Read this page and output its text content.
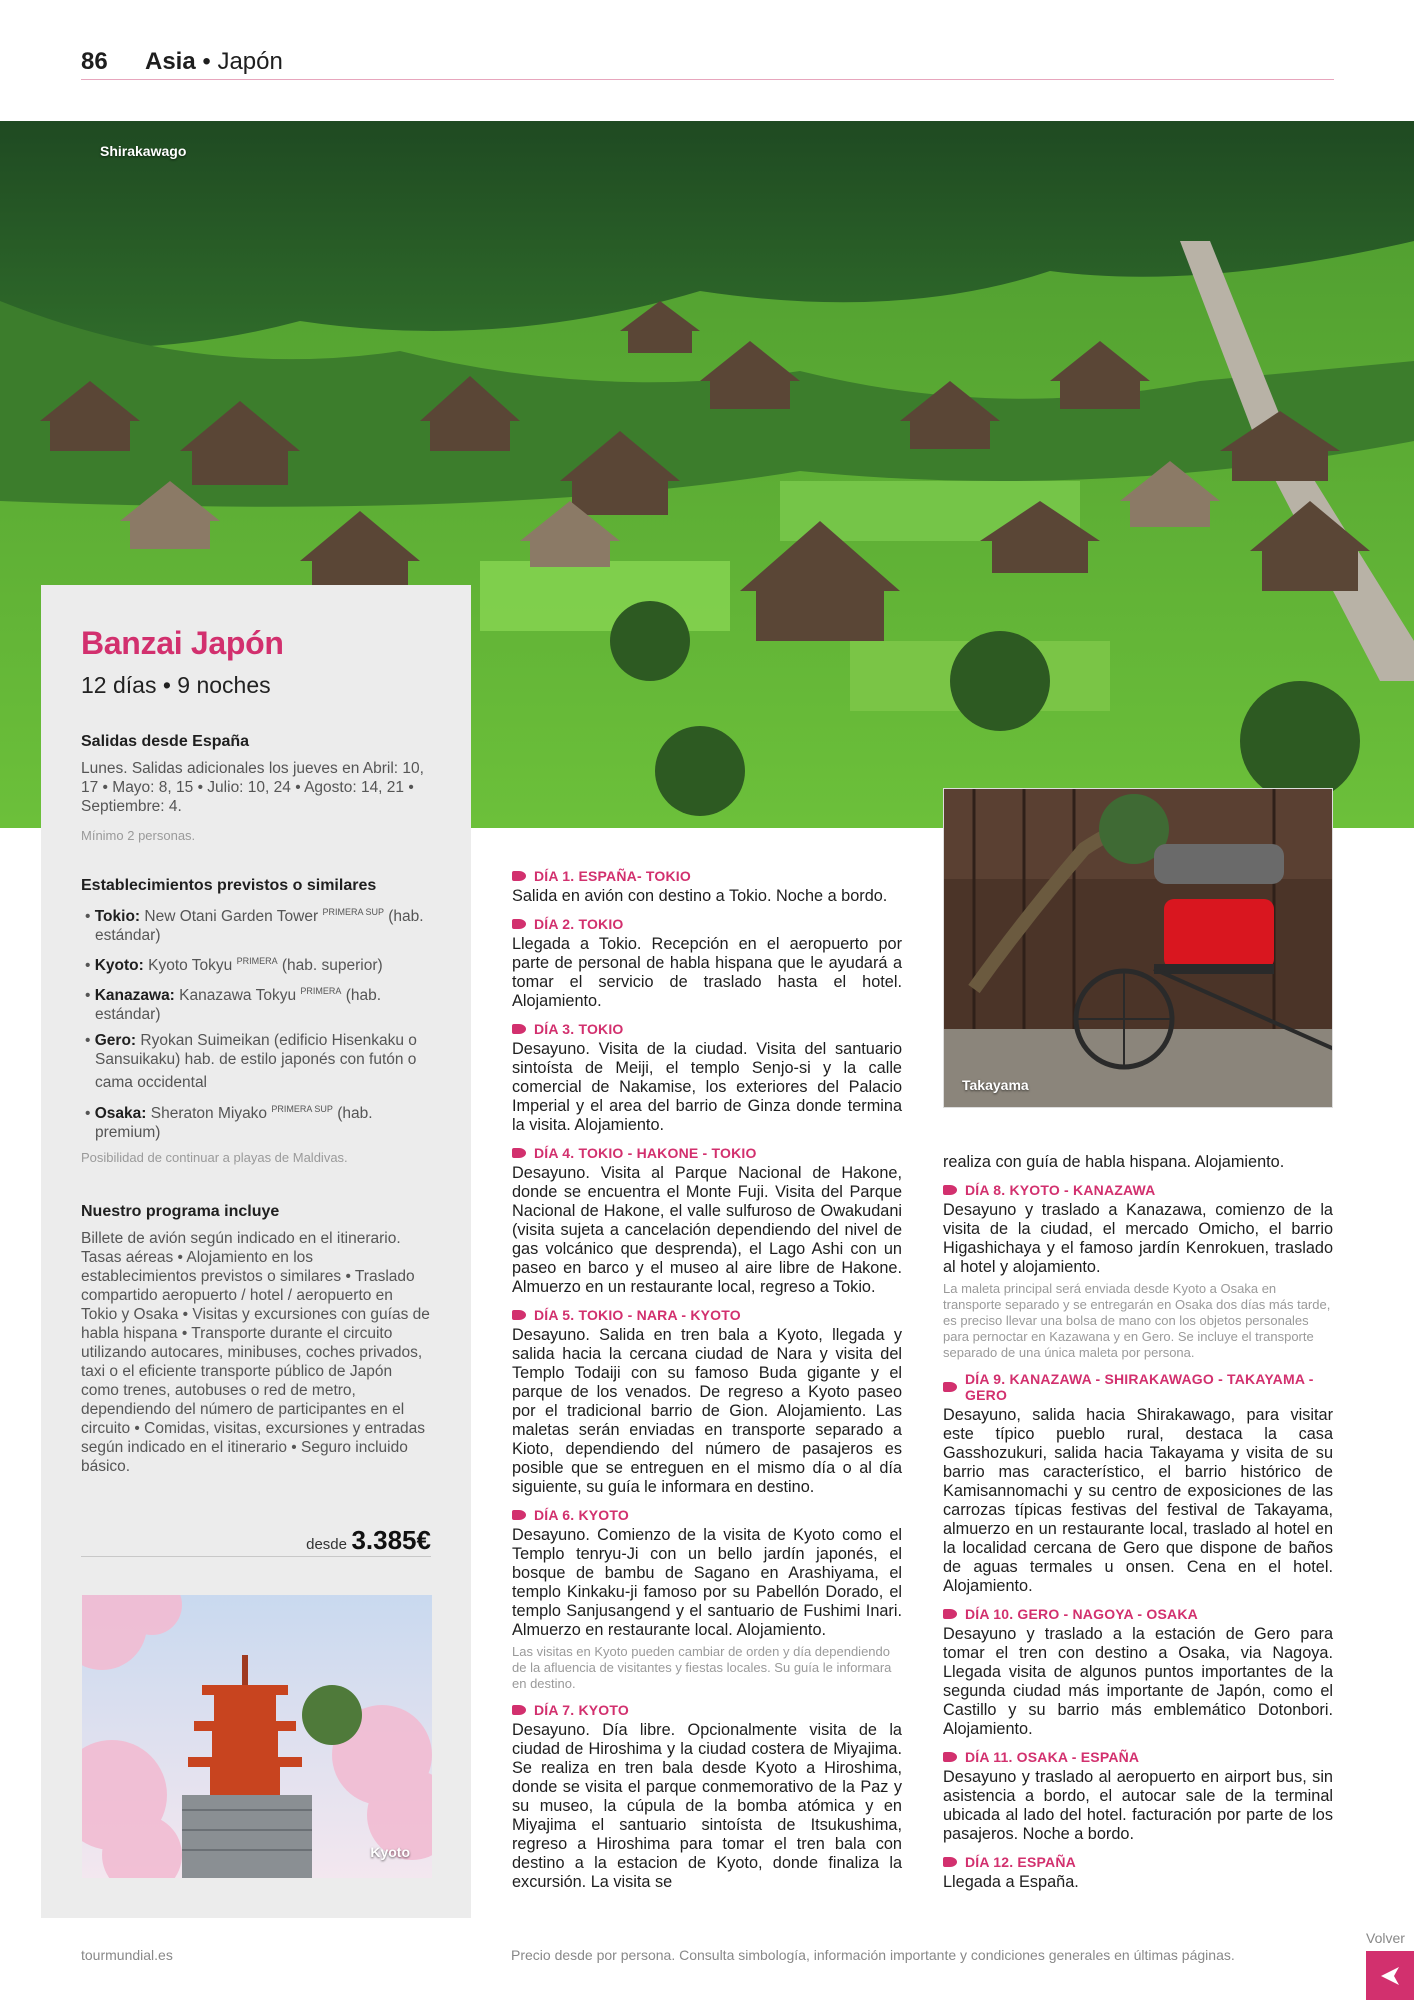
86 Asia • Japón
Shirakawago
Banzai Japón
12 días • 9 noches
Salidas desde España
Lunes. Salidas adicionales los jueves en Abril: 10, 17 • Mayo: 8, 15 • Julio: 10, 24 • Agosto: 14, 21 • Septiembre: 4.
Mínimo 2 personas.
Establecimientos previstos o similares
• Tokio: New Otani Garden Tower $^{PRIMERA SUP}$ (hab. estándar)
• Kyoto: Kyoto Tokyu $^{PRIMERA}$ (hab. superior)
• Kanazawa: Kanazawa Tokyu $^{PRIMERA}$ (hab. estándar)
• Gero: Ryokan Suimeikan (edificio Hisenkaku o Sansuikaku) hab. de estilo japonés con futón o cama occidental
• Osaka: Sheraton Miyako $^{PRIMERA SUP}$ (hab. premium)
Posibilidad de continuar a playas de Maldivas.
Nuestro programa incluye
Billete de avión según indicado en el itinerario. Tasas aéreas • Alojamiento en los establecimientos previstos o similares • Traslado compartido aeropuerto / hotel / aeropuerto en Tokio y Osaka • Visitas y excursiones con guías de habla hispana • Transporte durante el circuito utilizando autocares, minibuses, coches privados, taxi o el eficiente transporte público de Japón como trenes, autobuses o red de metro, dependiendo del número de participantes en el circuito • Comidas, visitas, excursiones y entradas según indicado en el itinerario • Seguro incluido básico.
desde 3.385€
Kyoto
Takayama
DÍA 1. ESPAÑA- TOKIO
Salida en avión con destino a Tokio. Noche a bordo.
DÍA 2. TOKIO
Llegada a Tokio. Recepción en el aeropuerto por parte de personal de habla hispana que le ayudará a tomar el servicio de traslado hasta el hotel. Alojamiento.
DÍA 3. TOKIO
Desayuno. Visita de la ciudad. Visita del santuario sintoísta de Meiji, el templo Senjo-si y la calle comercial de Nakamise, los exteriores del Palacio Imperial y el area del barrio de Ginza donde termina la visita. Alojamiento.
DÍA 4. TOKIO - HAKONE - TOKIO
Desayuno. Visita al Parque Nacional de Hakone, donde se encuentra el Monte Fuji. Visita del Parque Nacional de Hakone, el valle sulfuroso de Owakudani (visita sujeta a cancelación dependiendo del nivel de gas volcánico que desprenda), el Lago Ashi con un paseo en barco y el museo al aire libre de Hakone. Almuerzo en un restaurante local, regreso a Tokio.
DÍA 5. TOKIO - NARA - KYOTO
Desayuno. Salida en tren bala a Kyoto, llegada y salida hacia la cercana ciudad de Nara y visita del Templo Todaiji con su famoso Buda gigante y el parque de los venados. De regreso a Kyoto paseo por el tradicional barrio de Gion. Alojamiento. Las maletas serán enviadas en transporte separado a Kioto, dependiendo del número de pasajeros es posible que se entreguen en el mismo día o al día siguiente, su guía le informara en destino.
DÍA 6. KYOTO
Desayuno. Comienzo de la visita de Kyoto como el Templo tenryu-Ji con un bello jardín japonés, el bosque de bambu de Sagano en Arashiyama, el templo Kinkaku-ji famoso por su Pabellón Dorado, el templo Sanjusangend y el santuario de Fushimi Inari. Almuerzo en restaurante local. Alojamiento.
Las visitas en Kyoto pueden cambiar de orden y día dependiendo de la afluencia de visitantes y fiestas locales. Su guía le informara en destino.
DÍA 7. KYOTO
Desayuno. Día libre. Opcionalmente visita de la ciudad de Hiroshima y la ciudad costera de Miyajima. Se realiza en tren bala desde Kyoto a Hiroshima, donde se visita el parque conmemorativo de la Paz y su museo, la cúpula de la bomba atómica y en Miyajima el santuario sintoísta de Itsukushima, regreso a Hiroshima para tomar el tren bala con destino a la estacion de Kyoto, donde finaliza la excursión. La visita se
realiza con guía de habla hispana. Alojamiento.
DÍA 8. KYOTO - KANAZAWA
Desayuno y traslado a Kanazawa, comienzo de la visita de la ciudad, el mercado Omicho, el barrio Higashichaya y el famoso jardín Kenrokuen, traslado al hotel y alojamiento.
La maleta principal será enviada desde Kyoto a Osaka en transporte separado y se entregarán en Osaka dos días más tarde, es preciso llevar una bolsa de mano con los objetos personales para pernoctar en Kazawana y en Gero. Se incluye el transporte separado de una única maleta por persona.
DÍA 9. KANAZAWA - SHIRAKAWAGO - TAKAYAMA - GERO
Desayuno, salida hacia Shirakawago, para visitar este típico pueblo rural, destaca la casa Gasshozukuri, salida hacia Takayama y visita de su barrio mas característico, el barrio histórico de Kamisannomachi y su centro de exposiciones de las carrozas típicas festivas del festival de Takayama, almuerzo en un restaurante local, traslado al hotel en la localidad cercana de Gero que dispone de baños de aguas termales u onsen. Cena en el hotel. Alojamiento.
DÍA 10. GERO - NAGOYA - OSAKA
Desayuno y traslado a la estación de Gero para tomar el tren con destino a Osaka, via Nagoya. Llegada visita de algunos puntos importantes de la segunda ciudad más importante de Japón, como el Castillo y su barrio más emblemático Dotonbori. Alojamiento.
DÍA 11. OSAKA - ESPAÑA
Desayuno y traslado al aeropuerto en airport bus, sin asistencia a bordo, el autocar sale de la terminal ubicada al lado del hotel. facturación por parte de los pasajeros. Noche a bordo.
DÍA 12. ESPAÑA
Llegada a España.
tourmundial.es	Precio desde por persona. Consulta simbología, información importante y condiciones generales en últimas páginas.
Volver
